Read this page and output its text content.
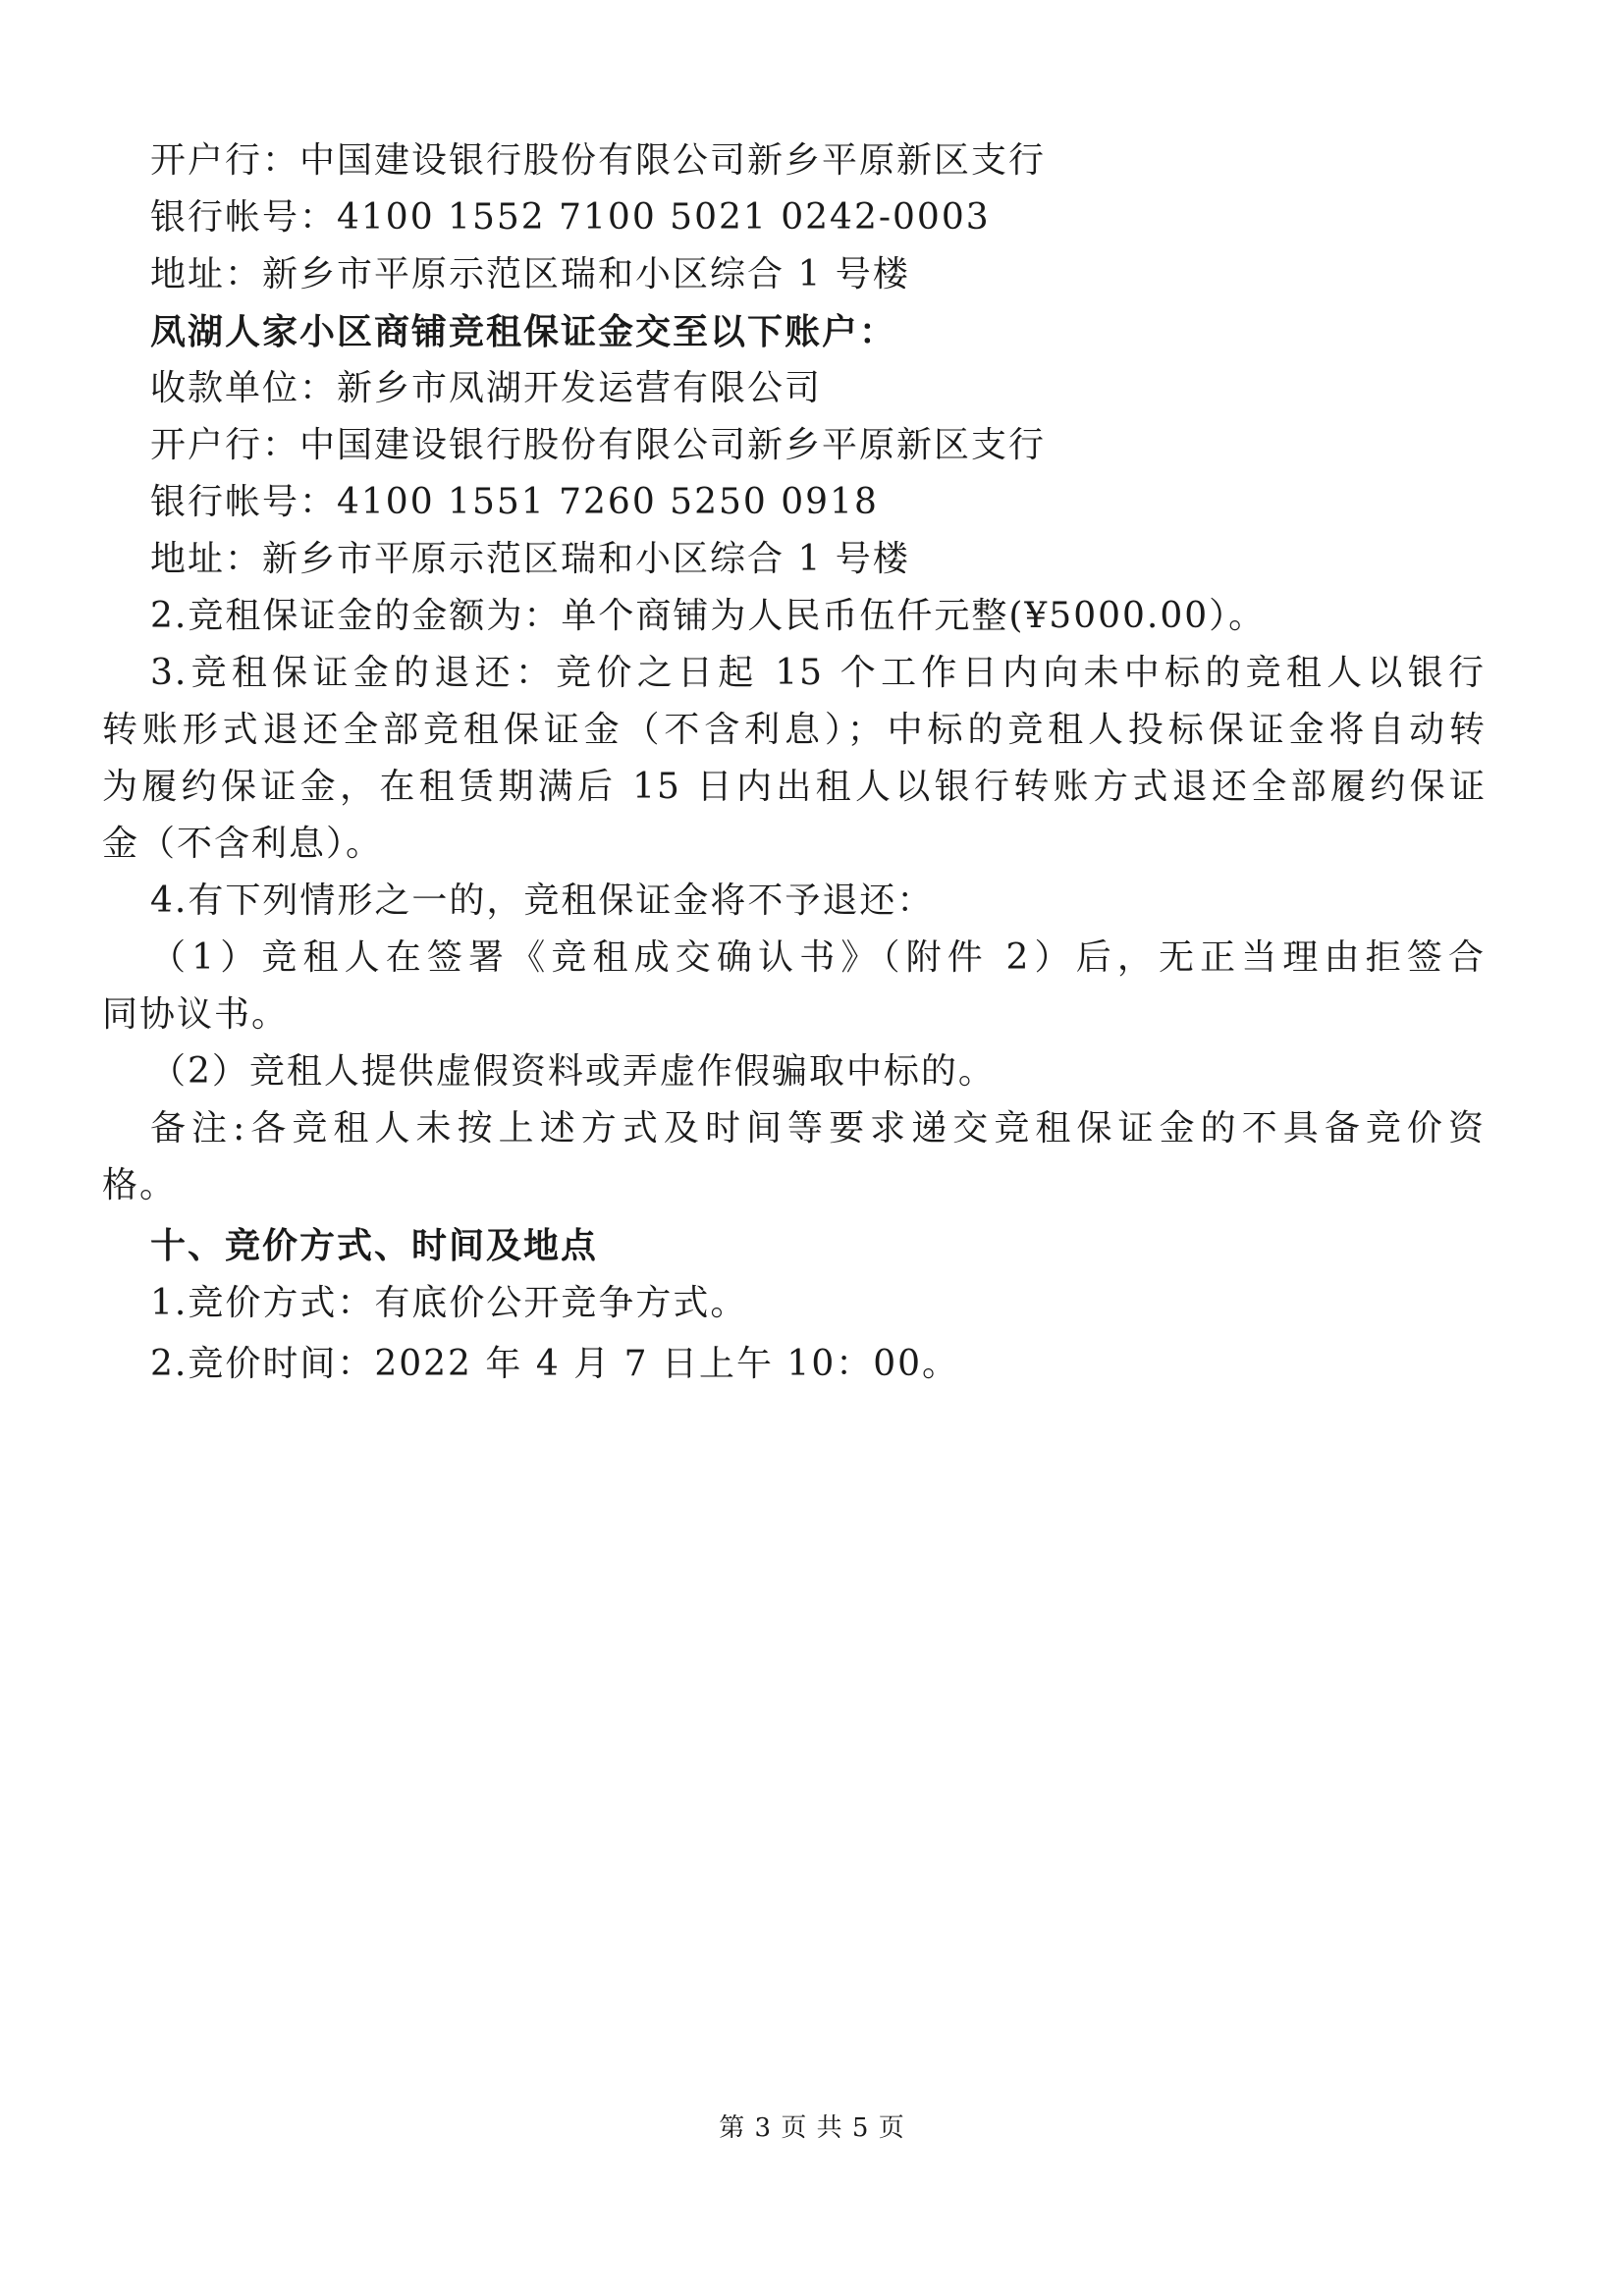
开户行：中国建设银行股份有限公司新乡平原新区支行
银行帐号：4100 1552 7100 5021 0242-0003
地址：新乡市平原示范区瑞和小区综合 1 号楼
凤湖人家小区商铺竞租保证金交至以下账户：
收款单位：新乡市凤湖开发运营有限公司
开户行：中国建设银行股份有限公司新乡平原新区支行
银行帐号：4100 1551 7260 5250 0918
地址：新乡市平原示范区瑞和小区综合 1 号楼
2.竞租保证金的金额为：单个商铺为人民币伍仟元整(¥5000.00）。
3.竞租保证金的退还：竞价之日起 15 个工作日内向未中标的竞租人以银行
转账形式退还全部竞租保证金（不含利息）；中标的竞租人投标保证金将自动转
为履约保证金，在租赁期满后 15 日内出租人以银行转账方式退还全部履约保证
金（不含利息）。
4.有下列情形之一的，竞租保证金将不予退还：
（1）竞租人在签署《竞租成交确认书》（附件 2）后，无正当理由拒签合
同协议书。
（2）竞租人提供虚假资料或弄虚作假骗取中标的。
备注:各竞租人未按上述方式及时间等要求递交竞租保证金的不具备竞价资
格。
十、竞价方式、时间及地点
1.竞价方式：有底价公开竞争方式。
2.竞价时间：2022 年 4 月 7 日上午 10：00。
第 3 页 共 5 页
